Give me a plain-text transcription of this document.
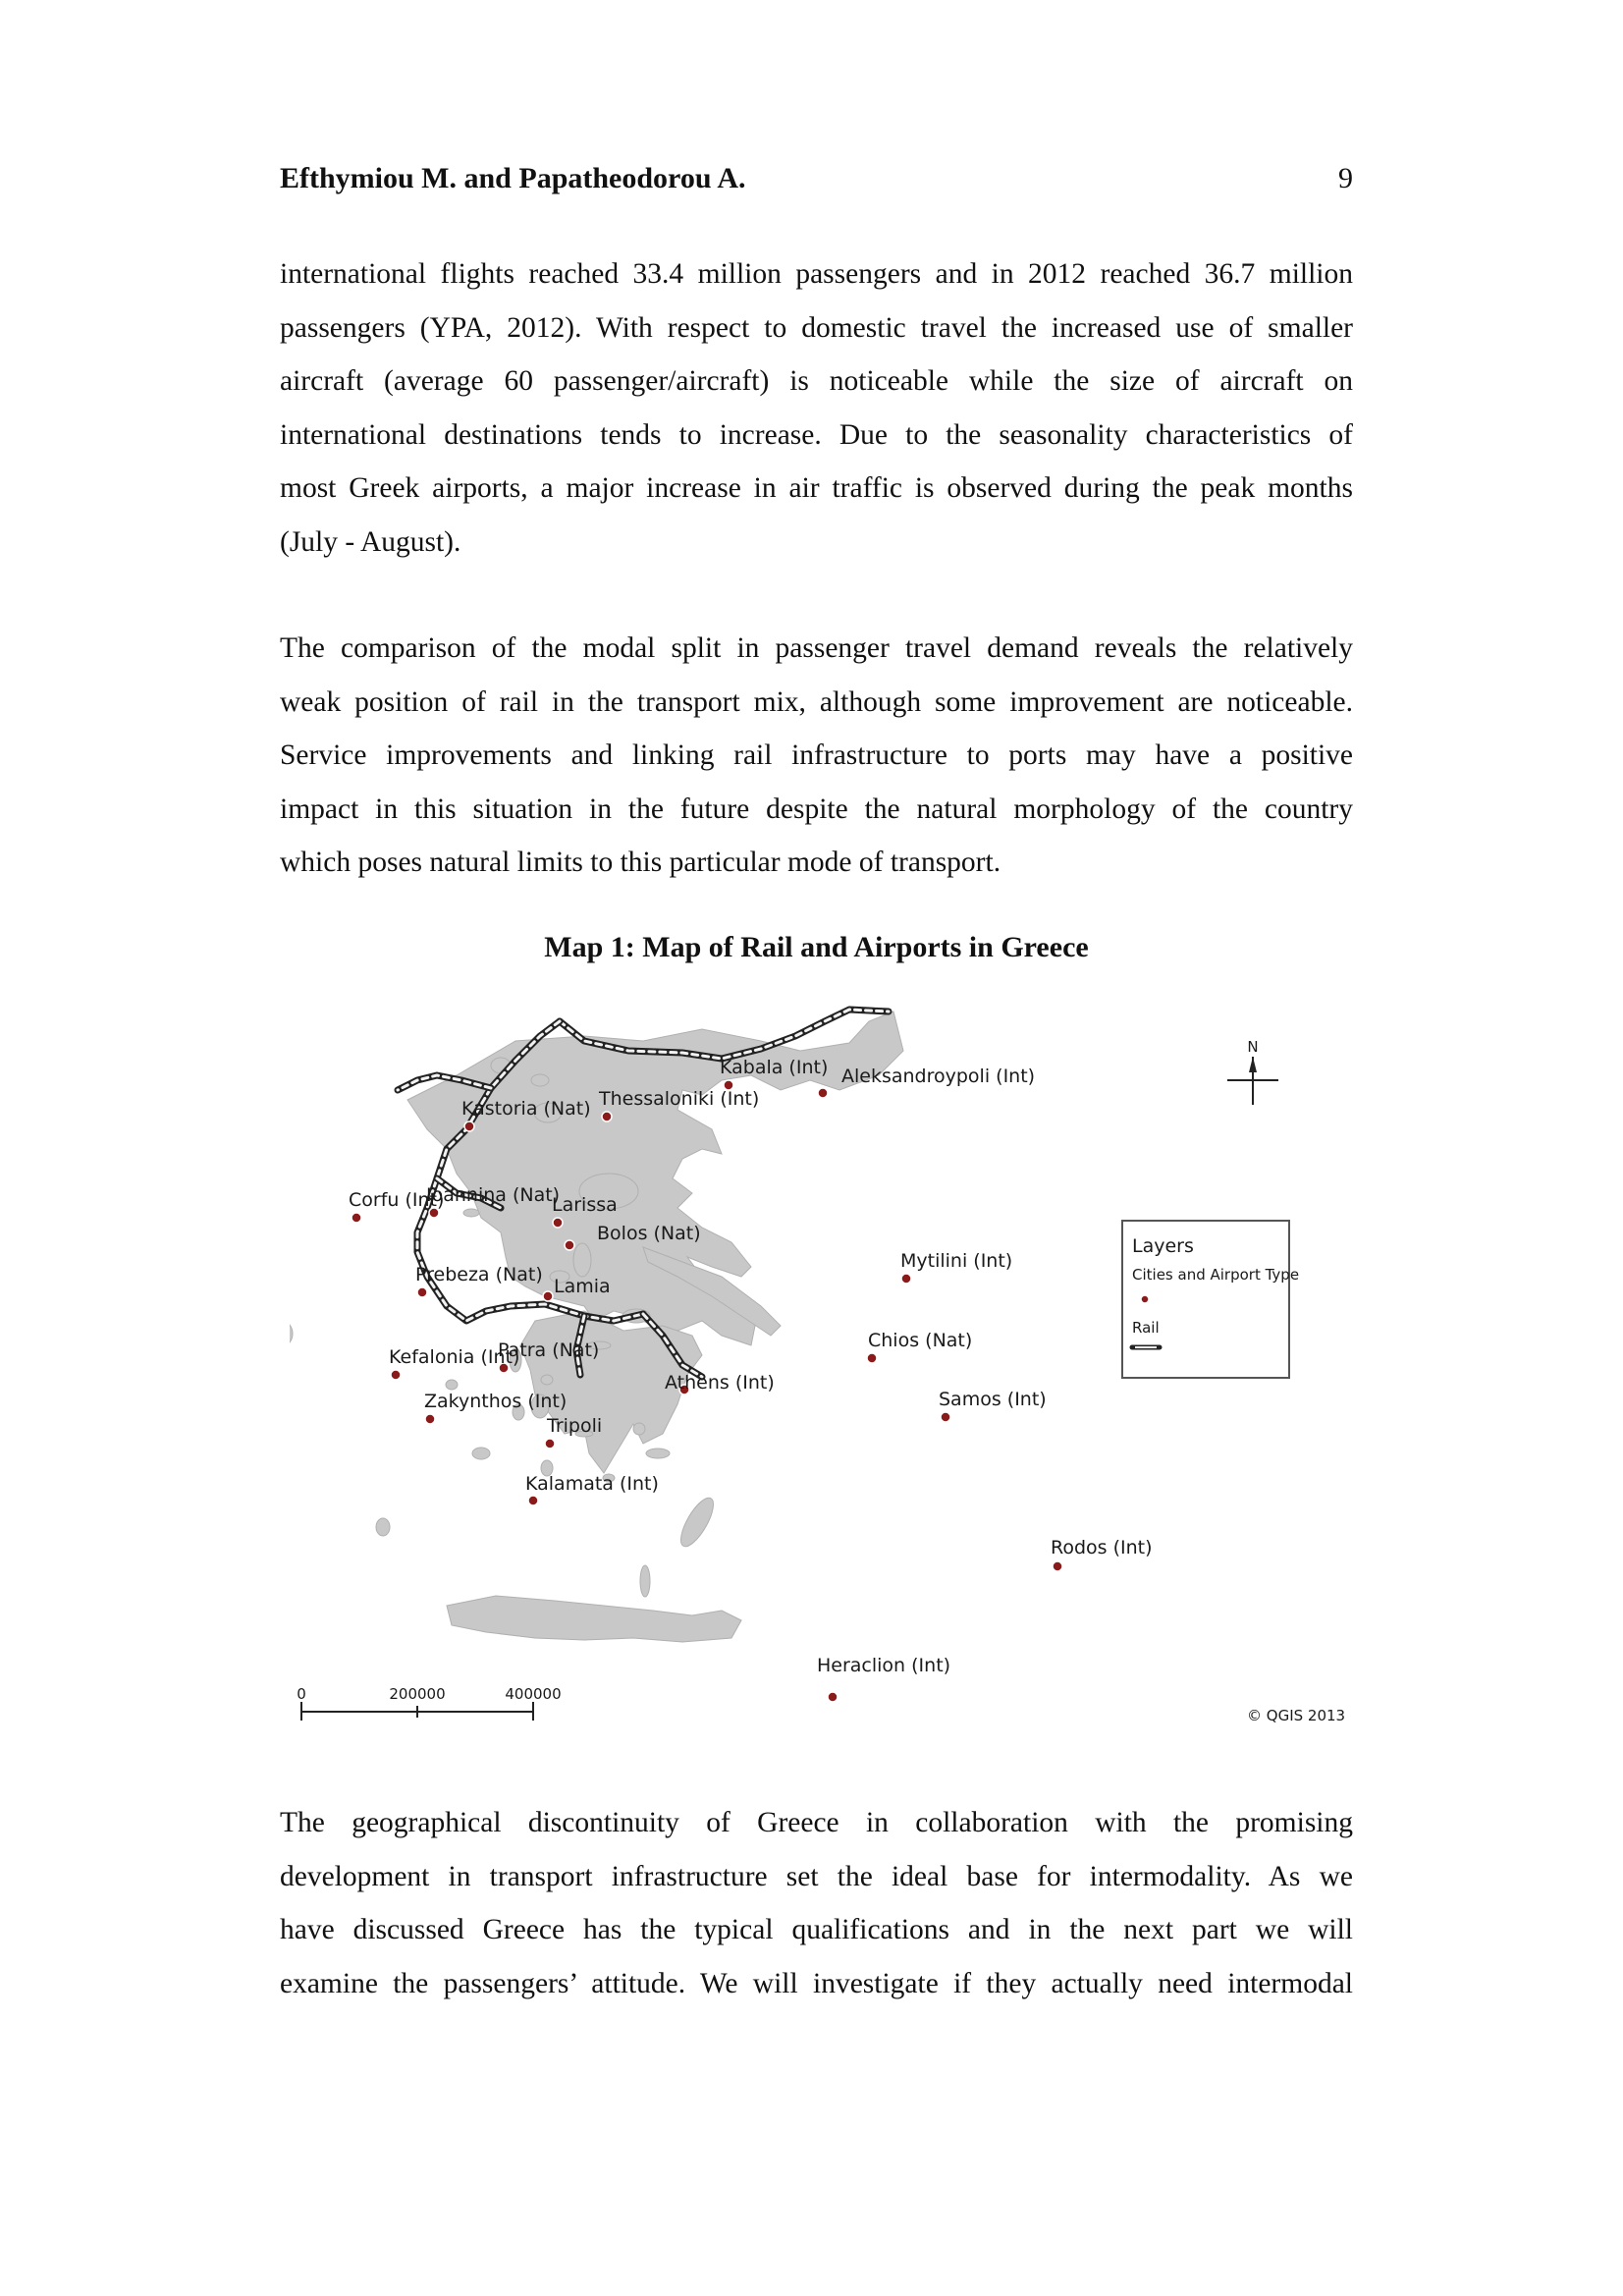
Efthymiou M. and Papatheodorou A.	9
international flights reached 33.4 million passengers and in 2012 reached 36.7 million
passengers (YPA, 2012). With respect to domestic travel the increased use of smaller
aircraft (average 60 passenger/aircraft) is noticeable while the size of aircraft on
international destinations tends to increase. Due to the seasonality characteristics of
most Greek airports, a major increase in air traffic is observed during the peak months
(July - August).
The comparison of the modal split in passenger travel demand reveals the relatively
weak position of rail in the transport mix, although some improvement are noticeable.
Service improvements and linking rail infrastructure to ports may have a positive
impact in this situation in the future despite the natural morphology of the country
which poses natural limits to this particular mode of transport.
Map 1: Map of Rail and Airports in Greece
Kabala (Int) Aleksandroypoli (Int)
Kastoria (Nat) Thessaloniki (Int)
Corfu (Int)
Ioannina (Nat)
Larissa
Bolos (Nat)
Prebeza (Nat)
Lamia
Kefalonia (Int)
Patra (Nat)
Athens (Int)
Zakynthos (Int)
Tripoli
Kalamata (Int)
Mytilini (Int)
Chios (Nat)
Samos (Int)
Rodos (Int)
Heraclion (Int)
N
Layers
Cities and Airport Type
Rail
0	200000	400000
© QGIS 2013
The geographical discontinuity of Greece in collaboration with the promising
development in transport infrastructure set the ideal base for intermodality. As we
have discussed Greece has the typical qualifications and in the next part we will
examine the passengers’ attitude. We will investigate if they actually need intermodal
